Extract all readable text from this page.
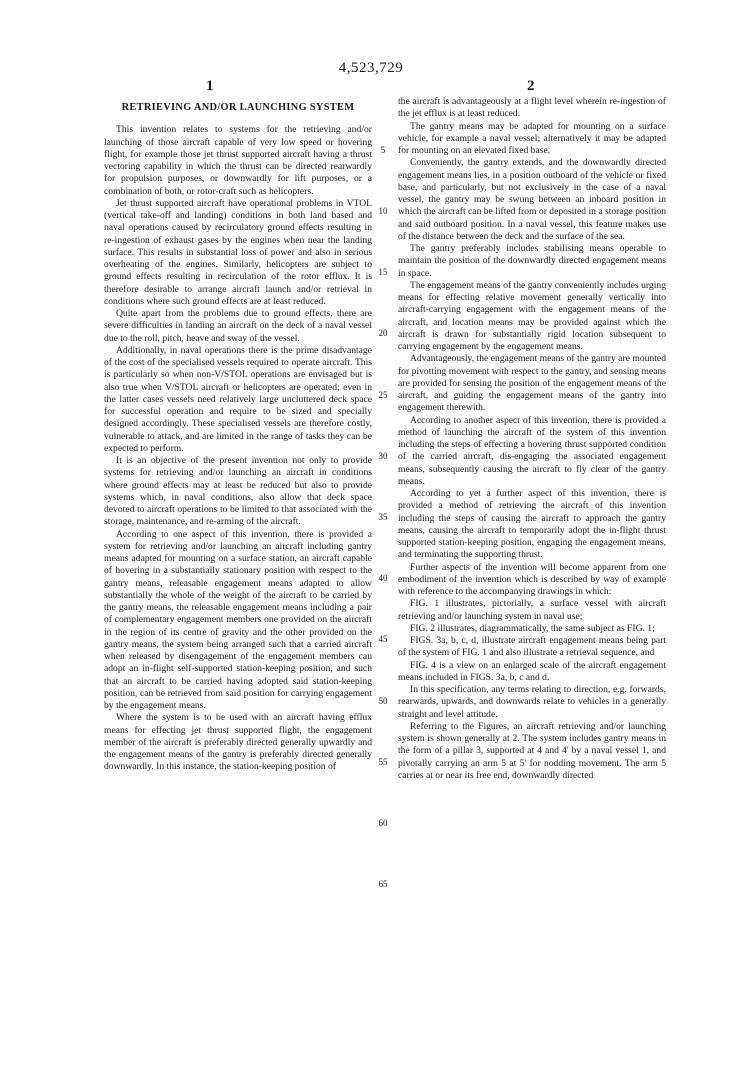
4,523,729
1	2
RETRIEVING AND/OR LAUNCHING SYSTEM

This invention relates to systems for the retrieving and/or launching of those aircraft capable of very low speed or hovering flight, for example those jet thrust supported aircraft having a thrust vectoring capability in which the thrust can be directed rearwardly for propulsion purposes, or downwardly for lift purposes, or a combination of both, or rotor-craft such as helicopters.

Jet thrust supported aircraft have operational problems in VTOL (vertical take-off and landing) conditions in both land based and naval operations caused by recirculatory ground effects resulting in re-ingestion of exhaust gases by the engines when near the landing surface. This results in substantial loss of power and also in serious overheating of the engines. Similarly, helicopters are subject to ground effects resulting in recirculation of the rotor efflux. It is therefore desirable to arrange aircraft launch and/or retrieval in conditions where such ground effects are at least reduced.

Quite apart from the problems due to ground effects, there are severe difficulties in landing an aircraft on the deck of a naval vessel due to the roll, pitch, heave and sway of the vessel.

Additionally, in naval operations there is the prime disadvantage of the cost of the specialised vessels required to operate aircraft. This is particularly so when non-V/STOL operations are envisaged but is also true when V/STOL aircraft or helicopters are operated; even in the latter cases vessels need relatively large uncluttered deck space for successful operation and require to be sized and specially designed accordingly. These specialised vessels are therefore costly, vulnerable to attack, and are limited in the range of tasks they can be expected to perform.

It is an objective of the present invention not only to provide systems for retrieving and/or launching an aircraft in conditions where ground effects may at least be reduced but also to provide systems which, in naval conditions, also allow that deck space devoted to aircraft operations to be limited to that associated with the storage, maintenance, and re-arming of the aircraft.

According to one aspect of this invention, there is provided a system for retrieving and/or launching an aircraft including gantry means adapted for mounting on a surface station, an aircraft capable of hovering in a substantially stationary position with respect to the gantry means, releasable engagement means adapted to allow substantially the whole of the weight of the aircraft to be carried by the gantry means, the releasable engagement means including a pair of complementary engagement members one provided on the aircraft in the region of its centre of gravity and the other provided on the gantry means, the system being arranged such that a carried aircraft when released by disengagement of the engagement members can adopt an in-flight self-supported station-keeping position, and such that an aircraft to be carried having adopted said station-keeping position, can be retrieved from said position for carrying engagement by the engagement means.

Where the system is to be used with an aircraft having efflux means for effecting jet thrust supported flight, the engagement member of the aircraft is preferably directed generally upwardly and the engagement means of the gantry is preferably directed generally downwardly. In this instance, the station-keeping position of

5
10
15
20
25
30
35
40
45
50
55
60
65

the aircraft is advantageously at a flight level wherein re-ingestion of the jet efflux is at least reduced.

The gantry means may be adapted for mounting on a surface vehicle, for example a naval vessel; alternatively it may be adapted for mounting on an elevated fixed base.

Conveniently, the gantry extends, and the downwardly directed engagement means lies, in a position outboard of the vehicle or fixed base, and particularly, but not exclusively in the case of a naval vessel, the gantry may be swung between an inboard position in which the aircraft can be lifted from or deposited in a storage position and said outboard position. In a naval vessel, this feature makes use of the distance between the deck and the surface of the sea.

The gantry preferably includes stabilising means operable to maintain the position of the downwardly directed engagement means in space.

The engagement means of the gantry conveniently includes urging means for effecting relative movement generally vertically into aircraft-carrying engagement with the engagement means of the aircraft, and location means may be provided against which the aircraft is drawn for substantially rigid location subsequent to carrying engagement by the engagement means.

Advantageously, the engagement means of the gantry are mounted for pivotting movement with respect to the gantry, and sensing means are provided for sensing the position of the engagement means of the aircraft, and guiding the engagement means of the gantry into engagement therewith.

According to another aspect of this invention, there is provided a method of launching the aircraft of the system of this invention including the steps of effecting a hovering thrust supported condition of the carried aircraft, dis-engaging the associated engagement means, subsequently causing the aircraft to fly clear of the gantry means.

According to yet a further aspect of this invention, there is provided a method of retrieving the aircraft of this invention including the steps of causing the aircraft to approach the gantry means, causing the aircraft to temporarily adopt the in-flight thrust supported station-keeping position, engaging the engagement means, and terminating the supporting thrust.

Further aspects of the invention will become apparent from one embodiment of the invention which is described by way of example with reference to the accompanying drawings in which:

FIG. 1 illustrates, pictorially, a surface vessel with aircraft retrieving and/or launching system in naval use;

FIG. 2 illustrates, diagrammatically, the same subject as FIG. 1;

FIGS. 3a, b, c, d, illustrate aircraft engagement means being part of the system of FIG. 1 and also illustrate a retrieval sequence, and

FIG. 4 is a view on an enlarged scale of the aircraft engagement means included in FIGS. 3a, b, c and d.

In this specification, any terms relating to direction, e.g. forwards, rearwards, upwards, and downwards relate to vehicles in a generally straight and level attitude.

Referring to the Figures, an aircraft retrieving and/or launching system is shown generally at 2. The system includes gantry means in the form of a pillar 3, supported at 4 and 4' by a naval vessel 1, and pivotally carrying an arm 5 at 5' for nodding movement. The arm 5 carries at or near its free end, downwardly directed
